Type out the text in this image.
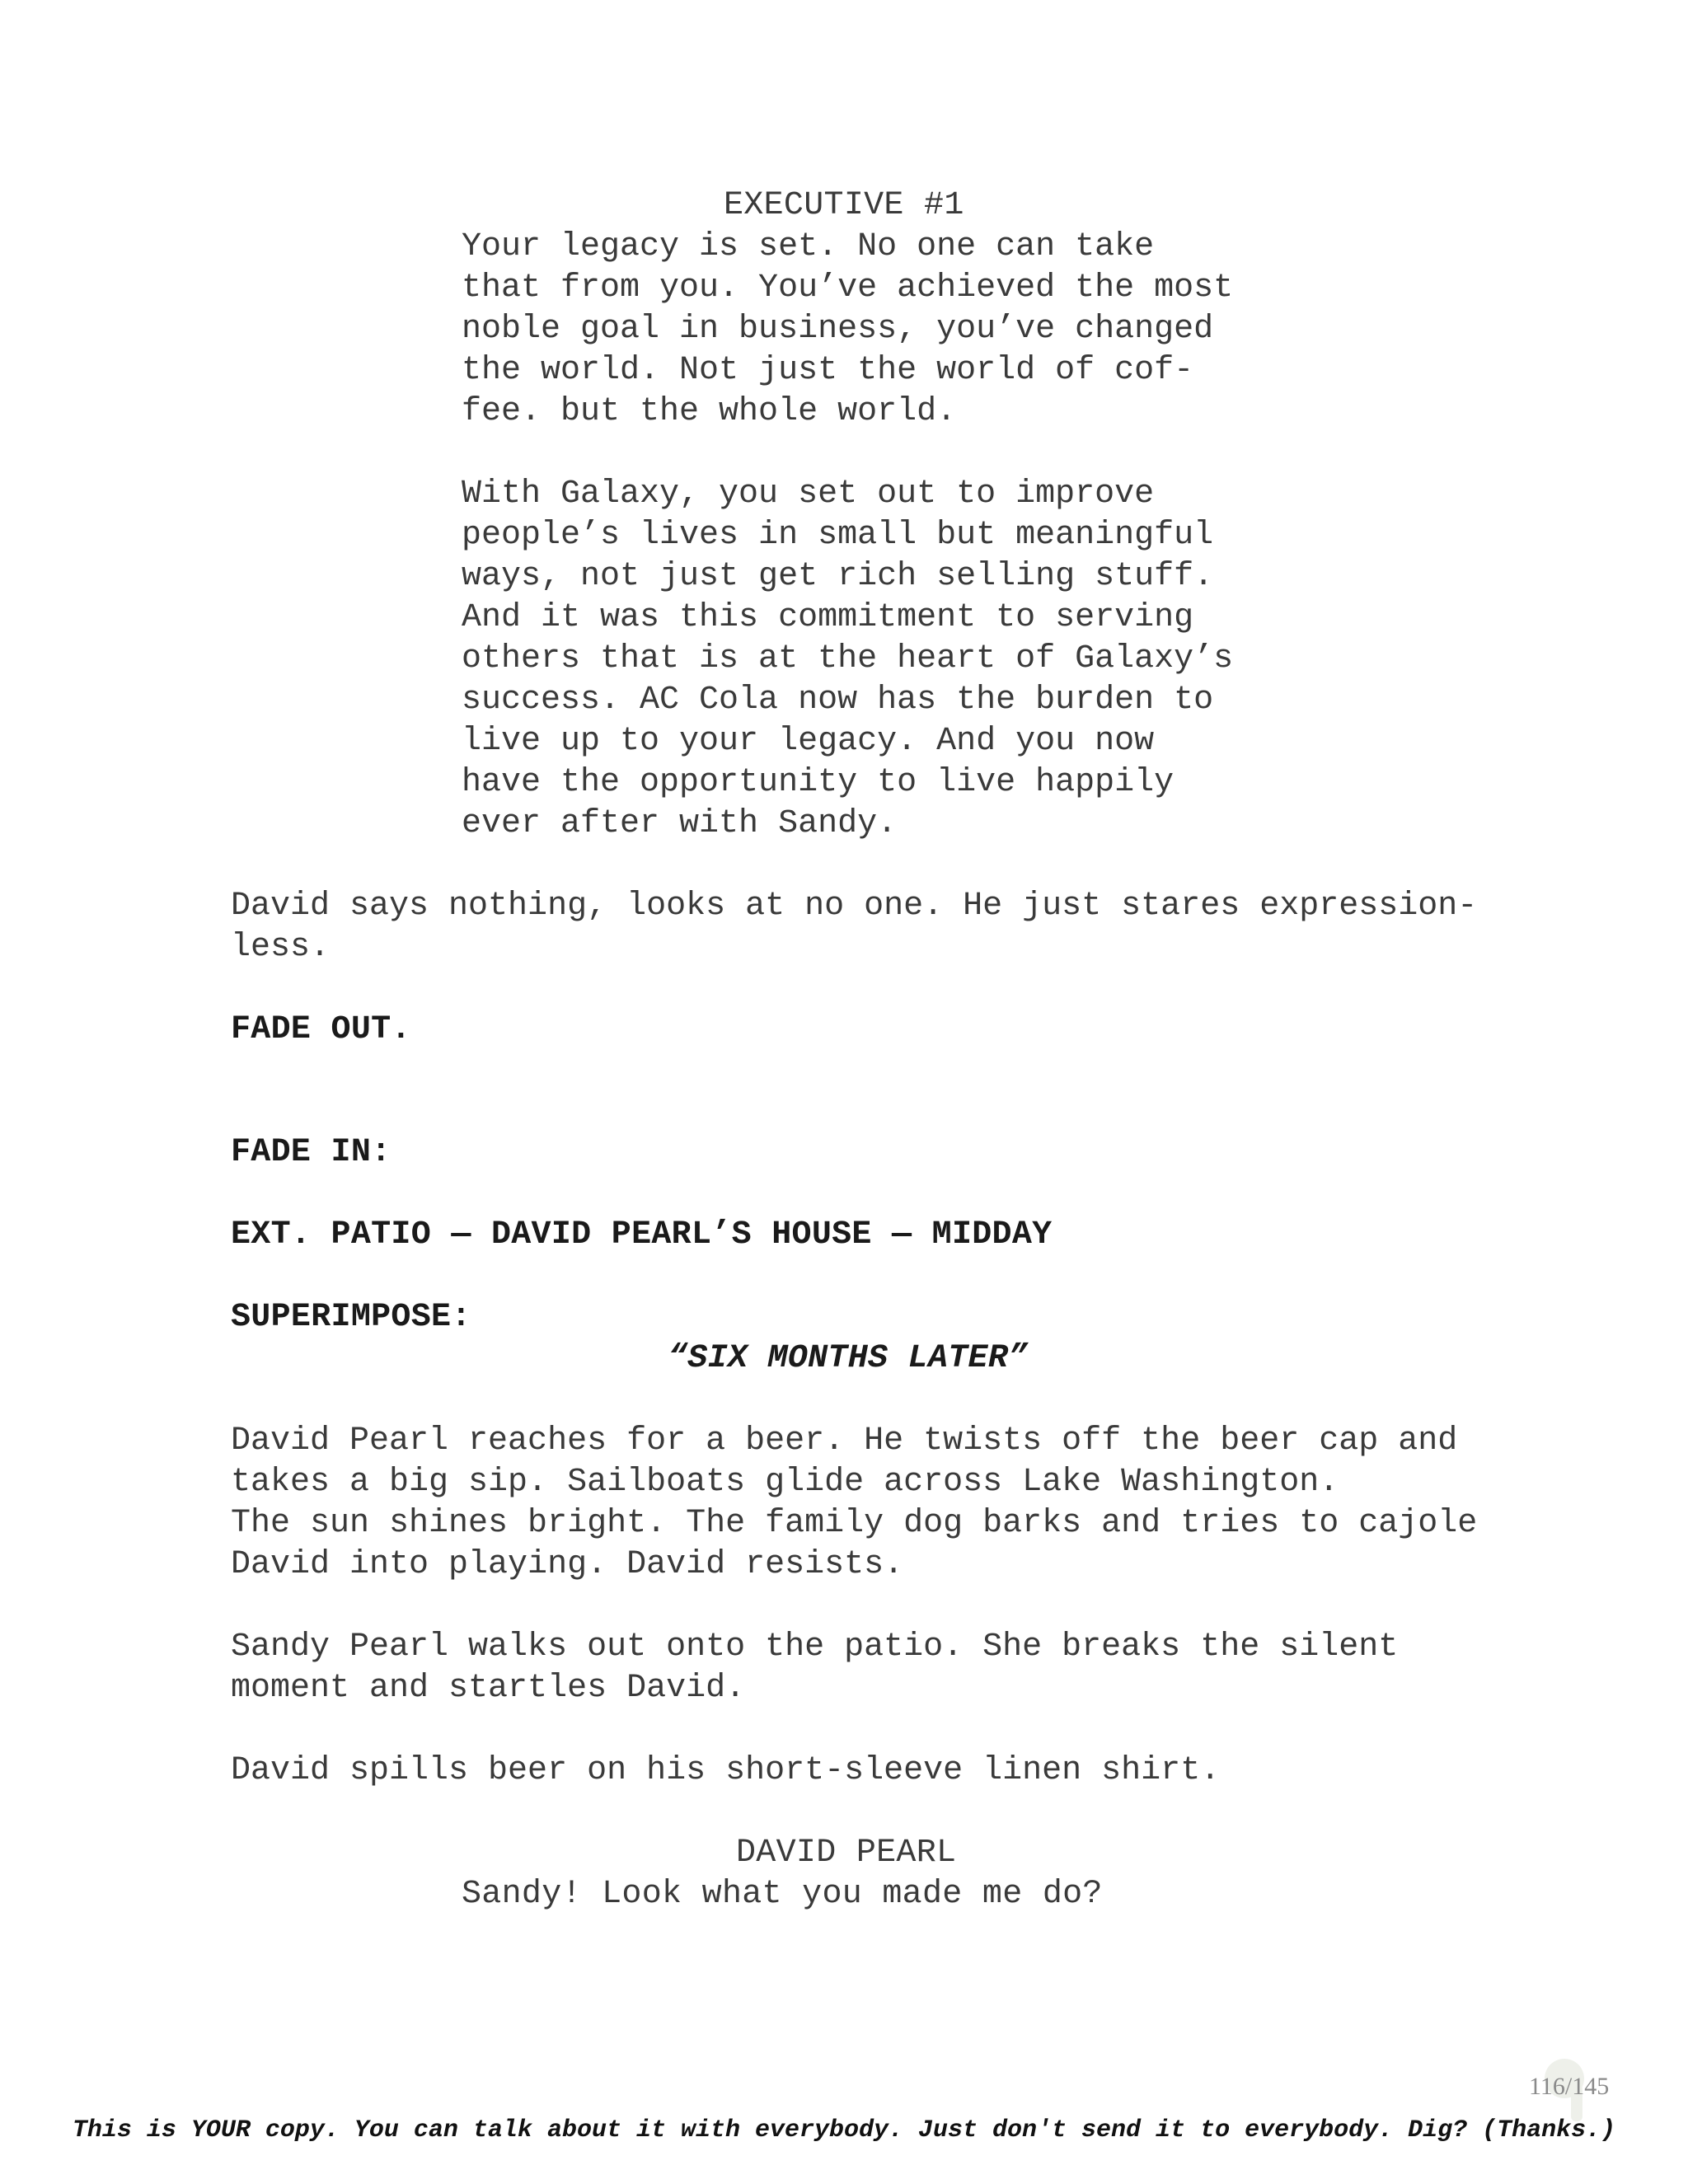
EXECUTIVE #1
Your legacy is set. No one can take
that from you. You’ve achieved the most
noble goal in business, you’ve changed
the world. Not just the world of cof-
fee. but the whole world.
With Galaxy, you set out to improve
people’s lives in small but meaningful
ways, not just get rich selling stuff.
And it was this commitment to serving
others that is at the heart of Galaxy’s
success. AC Cola now has the burden to
live up to your legacy. And you now
have the opportunity to live happily
ever after with Sandy.
David says nothing, looks at no one. He just stares expression-
less.
FADE OUT.
FADE IN:
EXT. PATIO — DAVID PEARL’S HOUSE — MIDDAY
SUPERIMPOSE:
“SIX MONTHS LATER”
David Pearl reaches for a beer. He twists off the beer cap and
takes a big sip. Sailboats glide across Lake Washington.
The sun shines bright. The family dog barks and tries to cajole
David into playing. David resists.
Sandy Pearl walks out onto the patio. She breaks the silent
moment and startles David.
David spills beer on his short-sleeve linen shirt.
DAVID PEARL
Sandy! Look what you made me do?
116/145
This is YOUR copy. You can talk about it with everybody. Just don't send it to everybody. Dig? (Thanks.)
